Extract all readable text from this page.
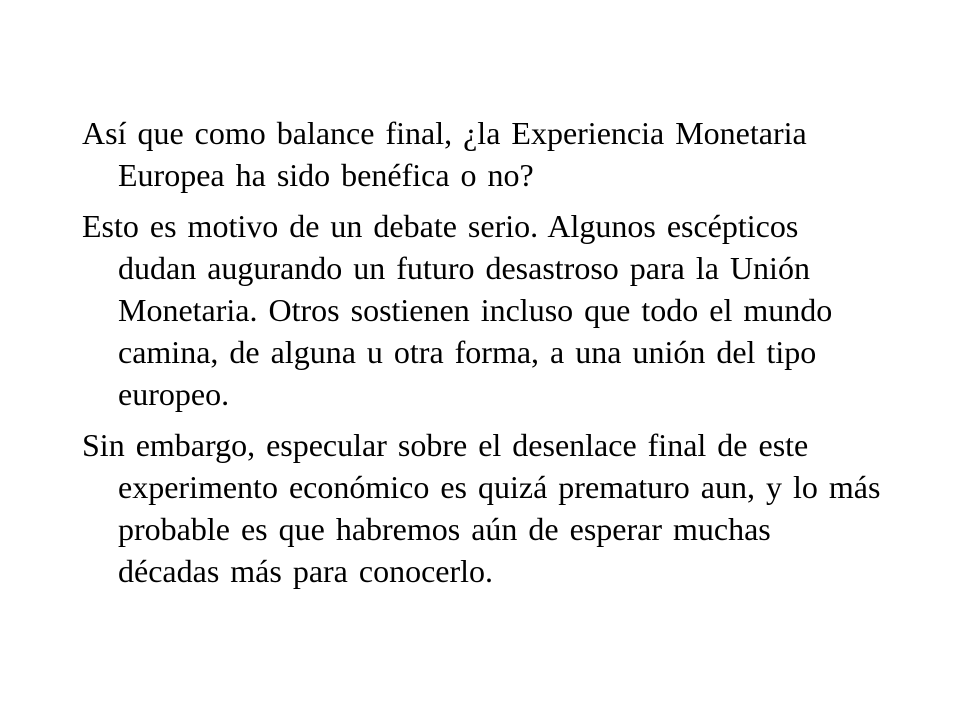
Así que como balance final, ¿la Experiencia Monetaria Europea ha sido benéfica o no?

Esto es motivo de un debate serio. Algunos escépticos dudan augurando un futuro desastroso para la Unión Monetaria. Otros sostienen incluso que todo el mundo camina, de alguna u otra forma, a una unión del tipo europeo.

Sin embargo, especular sobre el desenlace final de este experimento económico es quizá prematuro aun, y lo más probable es que habremos aún de esperar muchas décadas más para conocerlo.
